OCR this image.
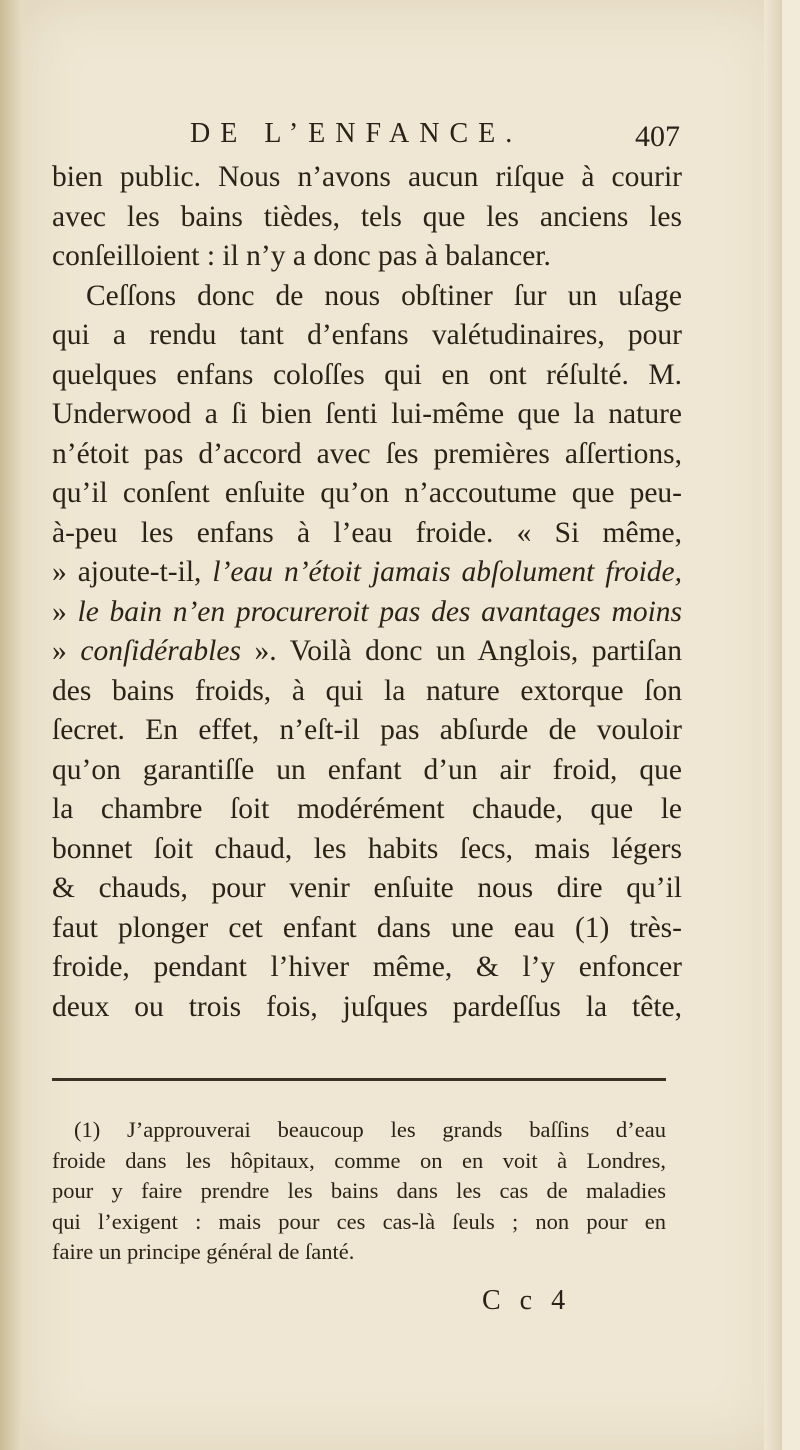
DE L’ENFANCE.	407
bien public. Nous n’avons aucun riſque à courir
avec les bains tièdes, tels que les anciens les
conſeilloient : il n’y a donc pas à balancer.
Ceſſons donc de nous obſtiner ſur un uſage
qui a rendu tant d’enfans valétudinaires, pour
quelques enfans coloſſes qui en ont réſulté. M.
Underwood a ſi bien ſenti lui-même que la nature
n’étoit pas d’accord avec ſes premières aſſertions,
qu’il conſent enſuite qu’on n’accoutume que peu-
à-peu les enfans à l’eau froide. « Si même,
» ajoute-t-il, l’eau n’étoit jamais abſolument froide,
» le bain n’en procureroit pas des avantages moins
» conſidérables ». Voilà donc un Anglois, partiſan
des bains froids, à qui la nature extorque ſon
ſecret. En effet, n’eſt-il pas abſurde de vouloir
qu’on garantiſſe un enfant d’un air froid, que
la chambre ſoit modérément chaude, que le
bonnet ſoit chaud, les habits ſecs, mais légers
& chauds, pour venir enſuite nous dire qu’il
faut plonger cet enfant dans une eau (1) très-
froide, pendant l’hiver même, & l’y enfoncer
deux ou trois fois, juſques pardeſſus la tête,
(1) J’approuverai beaucoup les grands baſſins d’eau
froide dans les hôpitaux, comme on en voit à Londres,
pour y faire prendre les bains dans les cas de maladies
qui l’exigent : mais pour ces cas-là ſeuls ; non pour en
faire un principe général de ſanté.
C c 4
